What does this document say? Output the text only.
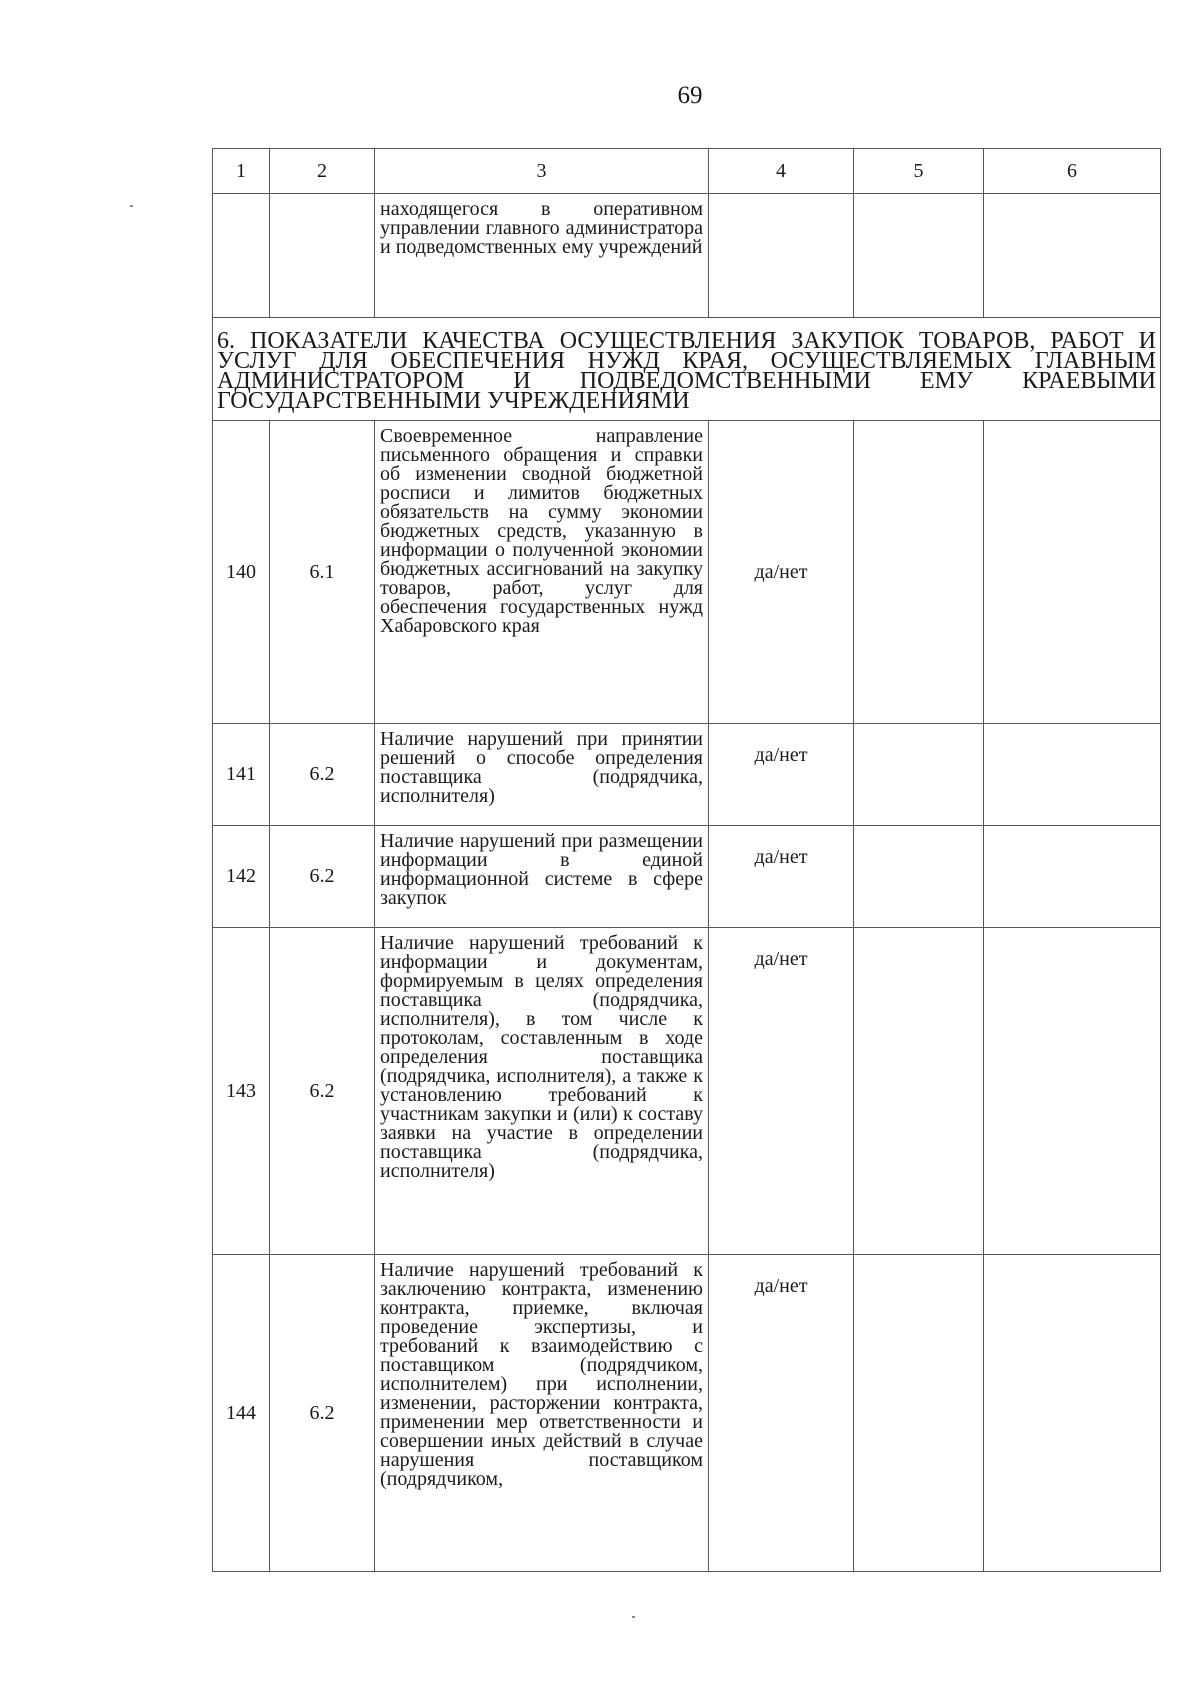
69
1	2	3	4	5	6
		находящегося в оперативном управлении главного администратора и подведомственных ему учреждений			
6. ПОКАЗАТЕЛИ КАЧЕСТВА ОСУЩЕСТВЛЕНИЯ ЗАКУПОК ТОВАРОВ, РАБОТ И УСЛУГ ДЛЯ ОБЕСПЕЧЕНИЯ НУЖД КРАЯ, ОСУЩЕСТВЛЯЕМЫХ ГЛАВНЫМ АДМИНИСТРАТОРОМ И ПОДВЕДОМСТВЕННЫМИ ЕМУ КРАЕВЫМИ ГОСУДАРСТВЕННЫМИ УЧРЕЖДЕНИЯМИ					
140	6.1	Своевременное направление письменного обращения и справки об изменении сводной бюджетной росписи и лимитов бюджетных обязательств на сумму экономии бюджетных средств, указанную в информации о полученной экономии бюджетных ассигнований на закупку товаров, работ, услуг для обеспечения государственных нужд Хабаровского края	да/нет		
141	6.2	Наличие нарушений при принятии решений о способе определения поставщика (подрядчика, исполнителя)	да/нет		
142	6.2	Наличие нарушений при размещении информации в единой информационной системе в сфере закупок	да/нет		
143	6.2	Наличие нарушений требований к информации и документам, формируемым в целях определения поставщика (подрядчика, исполнителя), в том числе к протоколам, составленным в ходе определения поставщика (подрядчика, исполнителя), а также к установлению требований к участникам закупки и (или) к составу заявки на участие в определении поставщика (подрядчика, исполнителя)	да/нет		
144	6.2	Наличие нарушений требований к заключению контракта, изменению контракта, приемке, включая проведение экспертизы, и требований к взаимодействию с поставщиком (подрядчиком, исполнителем) при исполнении, изменении, расторжении контракта, применении мер ответственности и совершении иных действий в случае нарушения поставщиком (подрядчиком,	да/нет		
